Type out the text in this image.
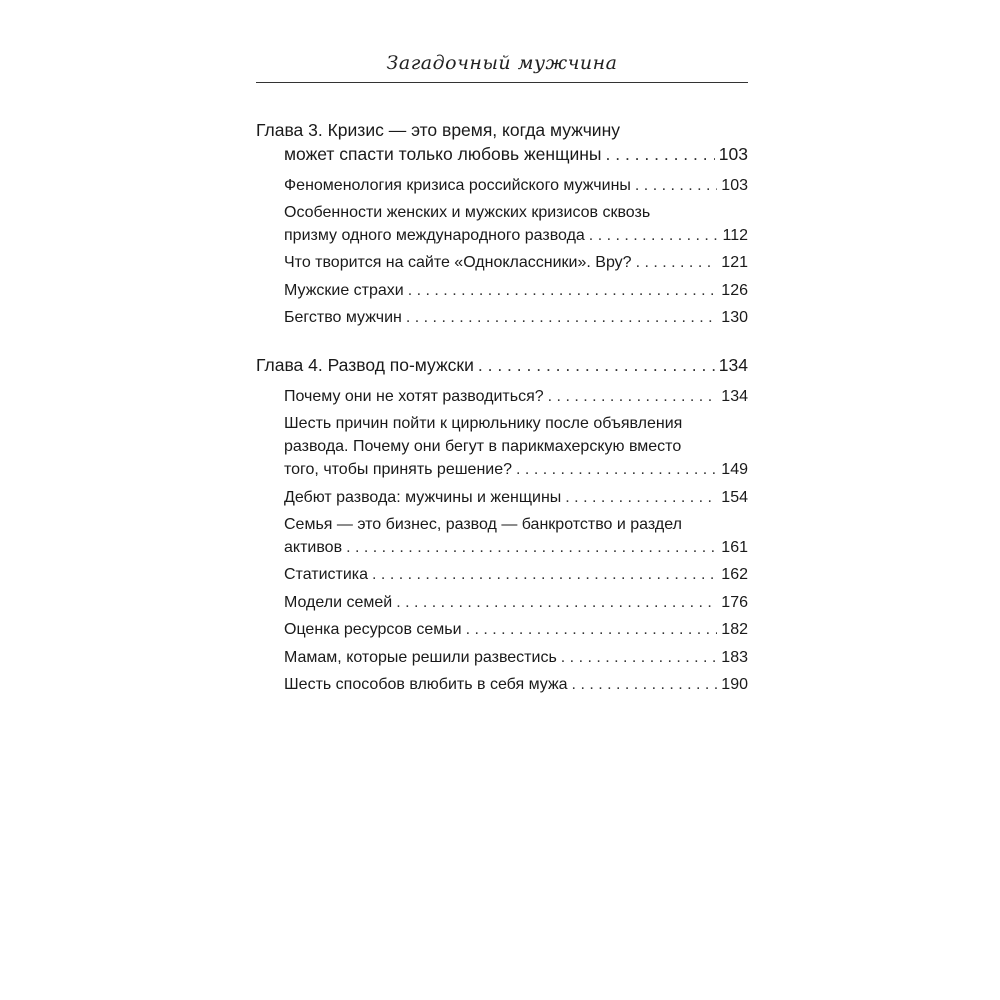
Загадочный мужчина
Глава 3. Кризис — это время, когда мужчину
может спасти только любовь женщины . . .	103
Феноменология кризиса российского мужчины . . .	103
Особенности женских и мужских кризисов сквозь
призму одного международного развода . . .	112
Что творится на сайте «Одноклассники». Вру? . . .	121
Мужские страхи . . .	126
Бегство мужчин . . .	130
Глава 4. Развод по-мужски . . .	134
Почему они не хотят разводиться? . . .	134
Шесть причин пойти к цирюльнику после объявления
развода. Почему они бегут в парикмахерскую вместо
того, чтобы принять решение? . . .	149
Дебют развода: мужчины и женщины . . .	154
Семья — это бизнес, развод — банкротство и раздел
активов . . .	161
Статистика . . .	162
Модели семей . . .	176
Оценка ресурсов семьи . . .	182
Мамам, которые решили развестись . . .	183
Шесть способов влюбить в себя мужа . . .	190
